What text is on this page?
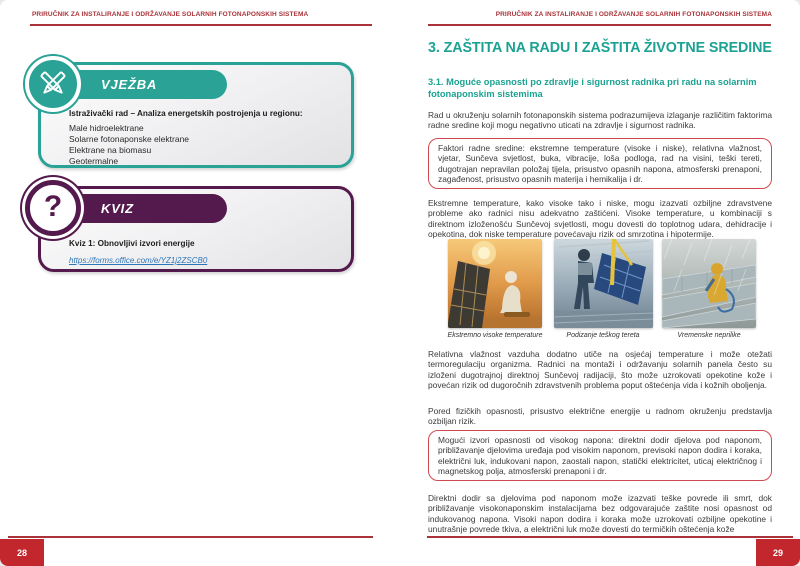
PRIRUČNIK ZA INSTALIRANJE I ODRŽAVANJE SOLARNIH FOTONAPONSKIH SISTEMA
VJEŽBA
Istraživački rad – Analiza energetskih postrojenja u regionu:
Male hidroelektrane
Solarne fotonaponske elektrane
Elektrane na biomasu
Geotermalne
KVIZ
?
Kviz 1: Obnovljivi izvori energije
https://forms.office.com/e/YZ1j2ZSCB0
28
PRIRUČNIK ZA INSTALIRANJE I ODRŽAVANJE SOLARNIH FOTONAPONSKIH SISTEMA
3. ZAŠTITA NA RADU I ZAŠTITA ŽIVOTNE SREDINE
3.1. Moguće opasnosti po zdravlje i sigurnost radnika pri radu na solarnim fotonaponskim sistemima
Rad u okruženju solarnih fotonaponskih sistema podrazumijeva izlaganje različitim faktorima radne sredine koji mogu negativno uticati na zdravlje i sigurnost radnika.
Faktori radne sredine: ekstremne temperature (visoke i niske), relativna vlažnost, vjetar, Sunčeva svjetlost, buka, vibracije, loša podloga, rad na visini, teški tereti, dugotrajan nepravilan položaj tijela, prisustvo opasnih napona, atmosferski prenaponi, zagađenost, prisustvo opasnih materija i hemikalija i dr.
Ekstremne temperature, kako visoke tako i niske, mogu izazvati ozbiljne zdravstvene probleme ako radnici nisu adekvatno zaštićeni. Visoke temperature, u kombinaciji s direktnom izloženošću Sunčevoj svjetlosti, mogu dovesti do toplotnog udara, dehidracije i opekotina, dok niske temperature povećavaju rizik od smrzotina i hipotermije.
Ekstremno visoke temperature	Podizanje teškog tereta	Vremenske neprilike
Relativna vlažnost vazduha dodatno utiče na osjećaj temperature i može otežati termoregulaciju organizma. Radnici na montaži i održavanju solarnih panela često su izloženi dugotrajnoj direktnoj Sunčevoj radijaciji, što može uzrokovati opekotine kože i povećan rizik od dugoročnih zdravstvenih problema poput oštećenja vida i kožnih oboljenja.
Pored fizičkih opasnosti, prisustvo električne energije u radnom okruženju predstavlja ozbiljan rizik.
Mogući izvori opasnosti od visokog napona: direktni dodir djelova pod naponom, približavanje djelovima uređaja pod visokim naponom, previsoki napon dodira i koraka, električni luk, indukovani napon, zaostali napon, statički elektricitet, uticaj električnog i magnetskog polja, atmosferski prenaponi i dr.
Direktni dodir sa djelovima pod naponom može izazvati teške povrede ili smrt, dok približavanje visokonaponskim instalacijama bez odgovarajuće zaštite nosi opasnost od indukovanog napona. Visoki napon dodira i koraka može uzrokovati ozbiljne opekotine i unutrašnje povrede tkiva, a električni luk može dovesti do termičkih oštećenja kože
29
